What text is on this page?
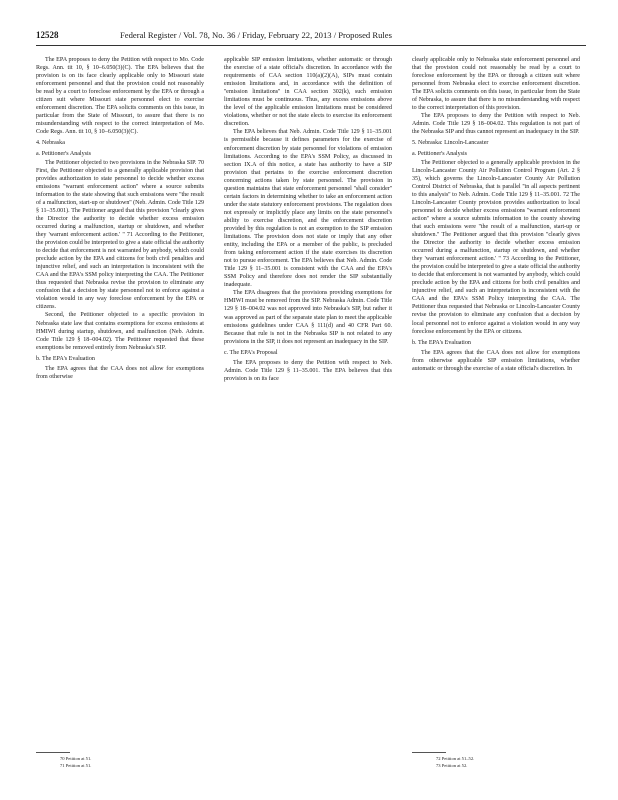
12528	Federal Register / Vol. 78, No. 36 / Friday, February 22, 2013 / Proposed Rules

The EPA proposes to deny the Petition with respect to Mo. Code Regs. Ann. tit 10, § 10–6.050(3)(C). The EPA believes that the provision is on its face clearly applicable only to Missouri state enforcement personnel and that the provision could not reasonably be read by a court to foreclose enforcement by the EPA or through a citizen suit where Missouri state personnel elect to exercise enforcement discretion. The EPA solicits comments on this issue, in particular from the State of Missouri, to assure that there is no misunderstanding with respect to the correct interpretation of Mo. Code Regs. Ann. tit 10, § 10–6.050(3)(C).

4. Nebraska

a. Petitioner's Analysis

The Petitioner objected to two provisions in the Nebraska SIP. 70 First, the Petitioner objected to a generally applicable provision that provides authorization to state personnel to decide whether excess emissions ''warrant enforcement action'' where a source submits information to the state showing that such emissions were ''the result of a malfunction, start-up or shutdown'' (Neb. Admin. Code Title 129 § 11–35.001). The Petitioner argued that this provision ''clearly gives the Director the authority to decide whether excess emission occurred during a malfunction, startup or shutdown, and whether they 'warrant enforcement action.' '' 71 According to the Petitioner, the provision could be interpreted to give a state official the authority to decide that enforcement is not warranted by anybody, which could preclude action by the EPA and citizens for both civil penalties and injunctive relief, and such an interpretation is inconsistent with the CAA and the EPA's SSM policy interpreting the CAA. The Petitioner thus requested that Nebraska revise the provision to eliminate any confusion that a decision by state personnel not to enforce against a violation would in any way foreclose enforcement by the EPA or citizens.

Second, the Petitioner objected to a specific provision in Nebraska state law that contains exemptions for excess emissions at HMIWI during startup, shutdown, and malfunction (Neb. Admin. Code Title 129 § 18–004.02). The Petitioner requested that these exemptions be removed entirely from Nebraska's SIP.

b. The EPA's Evaluation

The EPA agrees that the CAA does not allow for exemptions from otherwise

applicable SIP emission limitations, whether automatic or through the exercise of a state official's discretion. In accordance with the requirements of CAA section 110(a)(2)(A), SIPs must contain emission limitations and, in accordance with the definition of ''emission limitations'' in CAA section 302(k), such emission limitations must be continuous. Thus, any excess emissions above the level of the applicable emission limitations must be considered violations, whether or not the state elects to exercise its enforcement discretion.

The EPA believes that Neb. Admin. Code Title 129 § 11–35.001 is permissible because it defines parameters for the exercise of enforcement discretion by state personnel for violations of emission limitations. According to the EPA's SSM Policy, as discussed in section IX.A of this notice, a state has authority to have a SIP provision that pertains to the exercise enforcement discretion concerning actions taken by state personnel. The provision in question maintains that state enforcement personnel ''shall consider'' certain factors in determining whether to take an enforcement action under the state statutory enforcement provisions. The regulation does not expressly or implicitly place any limits on the state personnel's ability to exercise discretion, and the enforcement discretion provided by this regulation is not an exemption to the SIP emission limitations. The provision does not state or imply that any other entity, including the EPA or a member of the public, is precluded from taking enforcement action if the state exercises its discretion not to pursue enforcement. The EPA believes that Neb. Admin. Code Title 129 § 11–35.001 is consistent with the CAA and the EPA's SSM Policy and therefore does not render the SIP substantially inadequate.

The EPA disagrees that the provisions providing exemptions for HMIWI must be removed from the SIP. Nebraska Admin. Code Title 129 § 18–004.02 was not approved into Nebraska's SIP, but rather it was approved as part of the separate state plan to meet the applicable emissions guidelines under CAA § 111(d) and 40 CFR Part 60. Because that rule is not in the Nebraska SIP is not related to any provisions in the SIP, it does not represent an inadequacy in the SIP.

c. The EPA's Proposal

The EPA proposes to deny the Petition with respect to Neb. Admin. Code Title 129 § 11–35.001. The EPA believes that this provision is on its face

clearly applicable only to Nebraska state enforcement personnel and that the provision could not reasonably be read by a court to foreclose enforcement by the EPA or through a citizen suit where personnel from Nebraska elect to exercise enforcement discretion. The EPA solicits comments on this issue, in particular from the State of Nebraska, to assure that there is no misunderstanding with respect to the correct interpretation of this provision.

The EPA proposes to deny the Petition with respect to Neb. Admin. Code Title 129 § 18–004.02. This regulation is not part of the Nebraska SIP and thus cannot represent an inadequacy in the SIP.

5. Nebraska: Lincoln-Lancaster

a. Petitioner's Analysis

The Petitioner objected to a generally applicable provision in the Lincoln-Lancaster County Air Pollution Control Program (Art. 2 § 35), which governs the Lincoln-Lancaster County Air Pollution Control District of Nebraska, that is parallel ''in all aspects pertinent to this analysis'' to Neb. Admin. Code Title 129 § 11–35.001. 72 The Lincoln-Lancaster County provision provides authorization to local personnel to decide whether excess emissions ''warrant enforcement action'' where a source submits information to the county showing that such emissions were ''the result of a malfunction, start-up or shutdown.'' The Petitioner argued that this provision ''clearly gives the Director the authority to decide whether excess emission occurred during a malfunction, startup or shutdown, and whether they 'warrant enforcement action.' '' 73 According to the Petitioner, the provision could be interpreted to give a state official the authority to decide that enforcement is not warranted by anybody, which could preclude action by the EPA and citizens for both civil penalties and injunctive relief, and such an interpretation is inconsistent with the CAA and the EPA's SSM Policy interpreting the CAA. The Petitioner thus requested that Nebraska or Lincoln-Lancaster County revise the provision to eliminate any confusion that a decision by local personnel not to enforce against a violation would in any way foreclose enforcement by the EPA or citizens.

b. The EPA's Evaluation

The EPA agrees that the CAA does not allow for exemptions from otherwise applicable SIP emission limitations, whether automatic or through the exercise of a state official's discretion. In

70 Petition at 51.
71 Petition at 51.
72 Petition at 51–52.
73 Petition at 52.
